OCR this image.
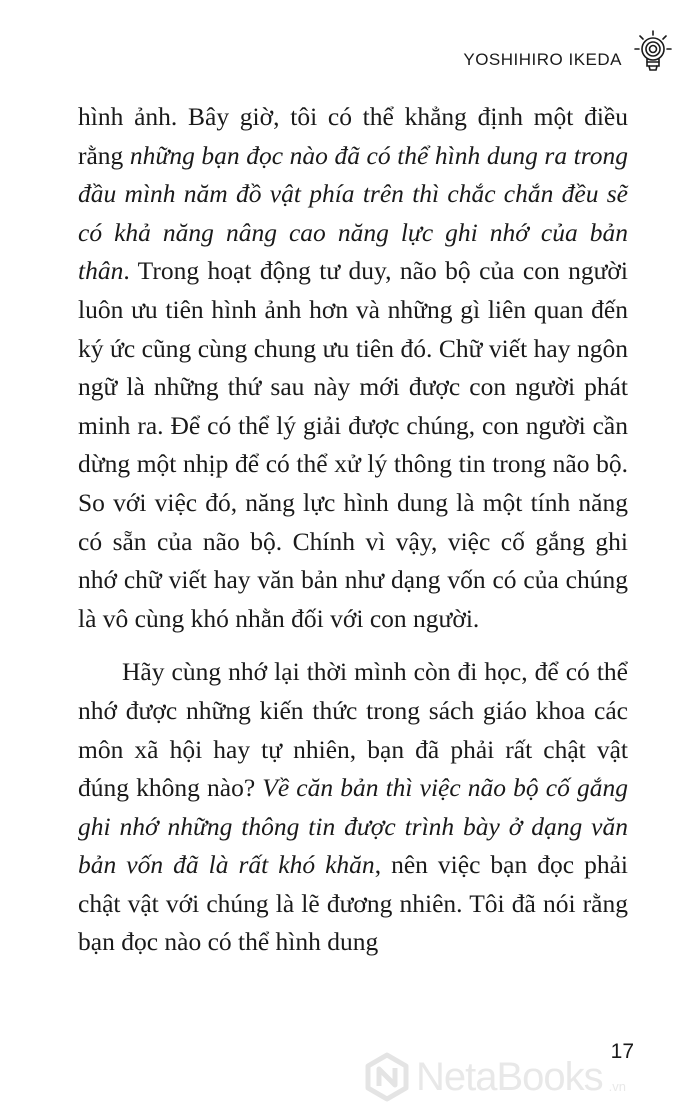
YOSHIHIRO IKEDA

hình ảnh. Bây giờ, tôi có thể khẳng định một điều rằng những bạn đọc nào đã có thể hình dung ra trong đầu mình năm đồ vật phía trên thì chắc chắn đều sẽ có khả năng nâng cao năng lực ghi nhớ của bản thân. Trong hoạt động tư duy, não bộ của con người luôn ưu tiên hình ảnh hơn và những gì liên quan đến ký ức cũng cùng chung ưu tiên đó. Chữ viết hay ngôn ngữ là những thứ sau này mới được con người phát minh ra. Để có thể lý giải được chúng, con người cần dừng một nhịp để có thể xử lý thông tin trong não bộ. So với việc đó, năng lực hình dung là một tính năng có sẵn của não bộ. Chính vì vậy, việc cố gắng ghi nhớ chữ viết hay văn bản như dạng vốn có của chúng là vô cùng khó nhằn đối với con người.

Hãy cùng nhớ lại thời mình còn đi học, để có thể nhớ được những kiến thức trong sách giáo khoa các môn xã hội hay tự nhiên, bạn đã phải rất chật vật đúng không nào? Về căn bản thì việc não bộ cố gắng ghi nhớ những thông tin được trình bày ở dạng văn bản vốn đã là rất khó khăn, nên việc bạn đọc phải chật vật với chúng là lẽ đương nhiên. Tôi đã nói rằng bạn đọc nào có thể hình dung

17
NetaBooks .vn
